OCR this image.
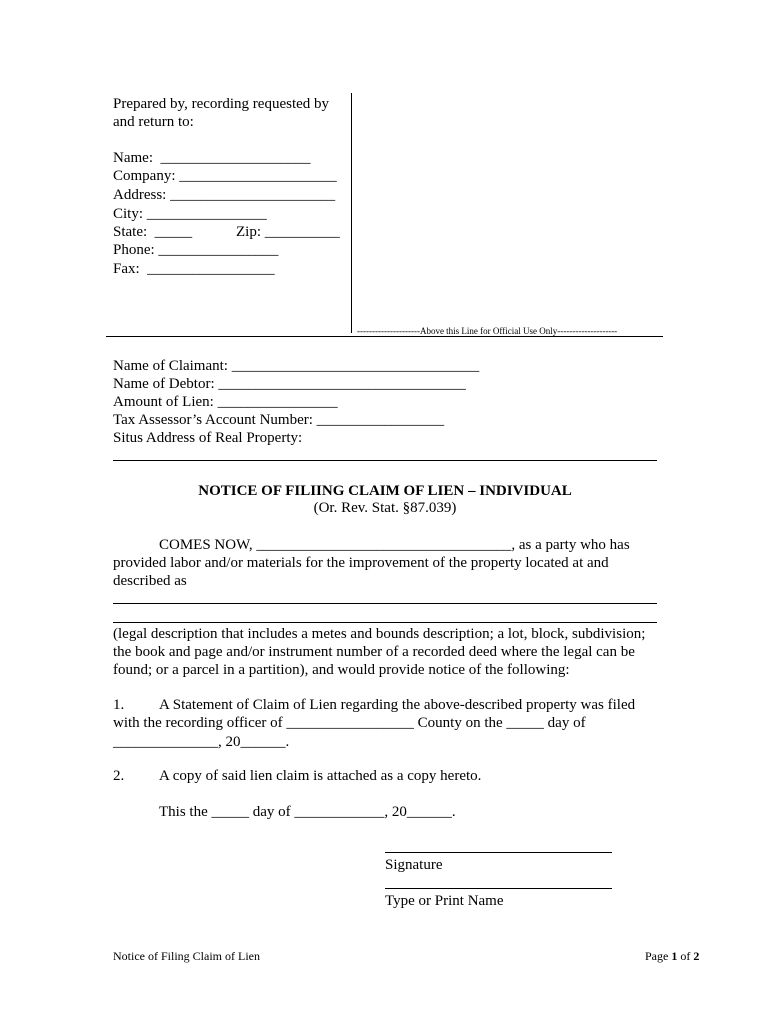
Prepared by, recording requested by
and return to:
Name:  ____________________
Company: _____________________
Address: ______________________
City: ________________
State:  _____	Zip: __________
Phone: ________________
Fax:  _________________
---------------------Above this Line for Official Use Only--------------------
Name of Claimant: _________________________________
Name of Debtor: _________________________________
Amount of Lien: ________________
Tax Assessor’s Account Number: _________________
Situs Address of Real Property:
NOTICE OF FILIING CLAIM OF LIEN – INDIVIDUAL
(Or. Rev. Stat. §87.039)
COMES NOW, __________________________________, as a party who has
provided labor and/or materials for the improvement of the property located at and
described as
(legal description that includes a metes and bounds description; a lot, block, subdivision;
the book and page and/or instrument number of a recorded deed where the legal can be
found; or a parcel in a partition), and would provide notice of the following:
1. A Statement of Claim of Lien regarding the above-described property was filed
with the recording officer of _________________ County on the _____ day of
______________, 20______.
2. A copy of said lien claim is attached as a copy hereto.
This the _____ day of ____________, 20______.
Signature
Type or Print Name
Notice of Filing Claim of Lien	Page 1 of 2
